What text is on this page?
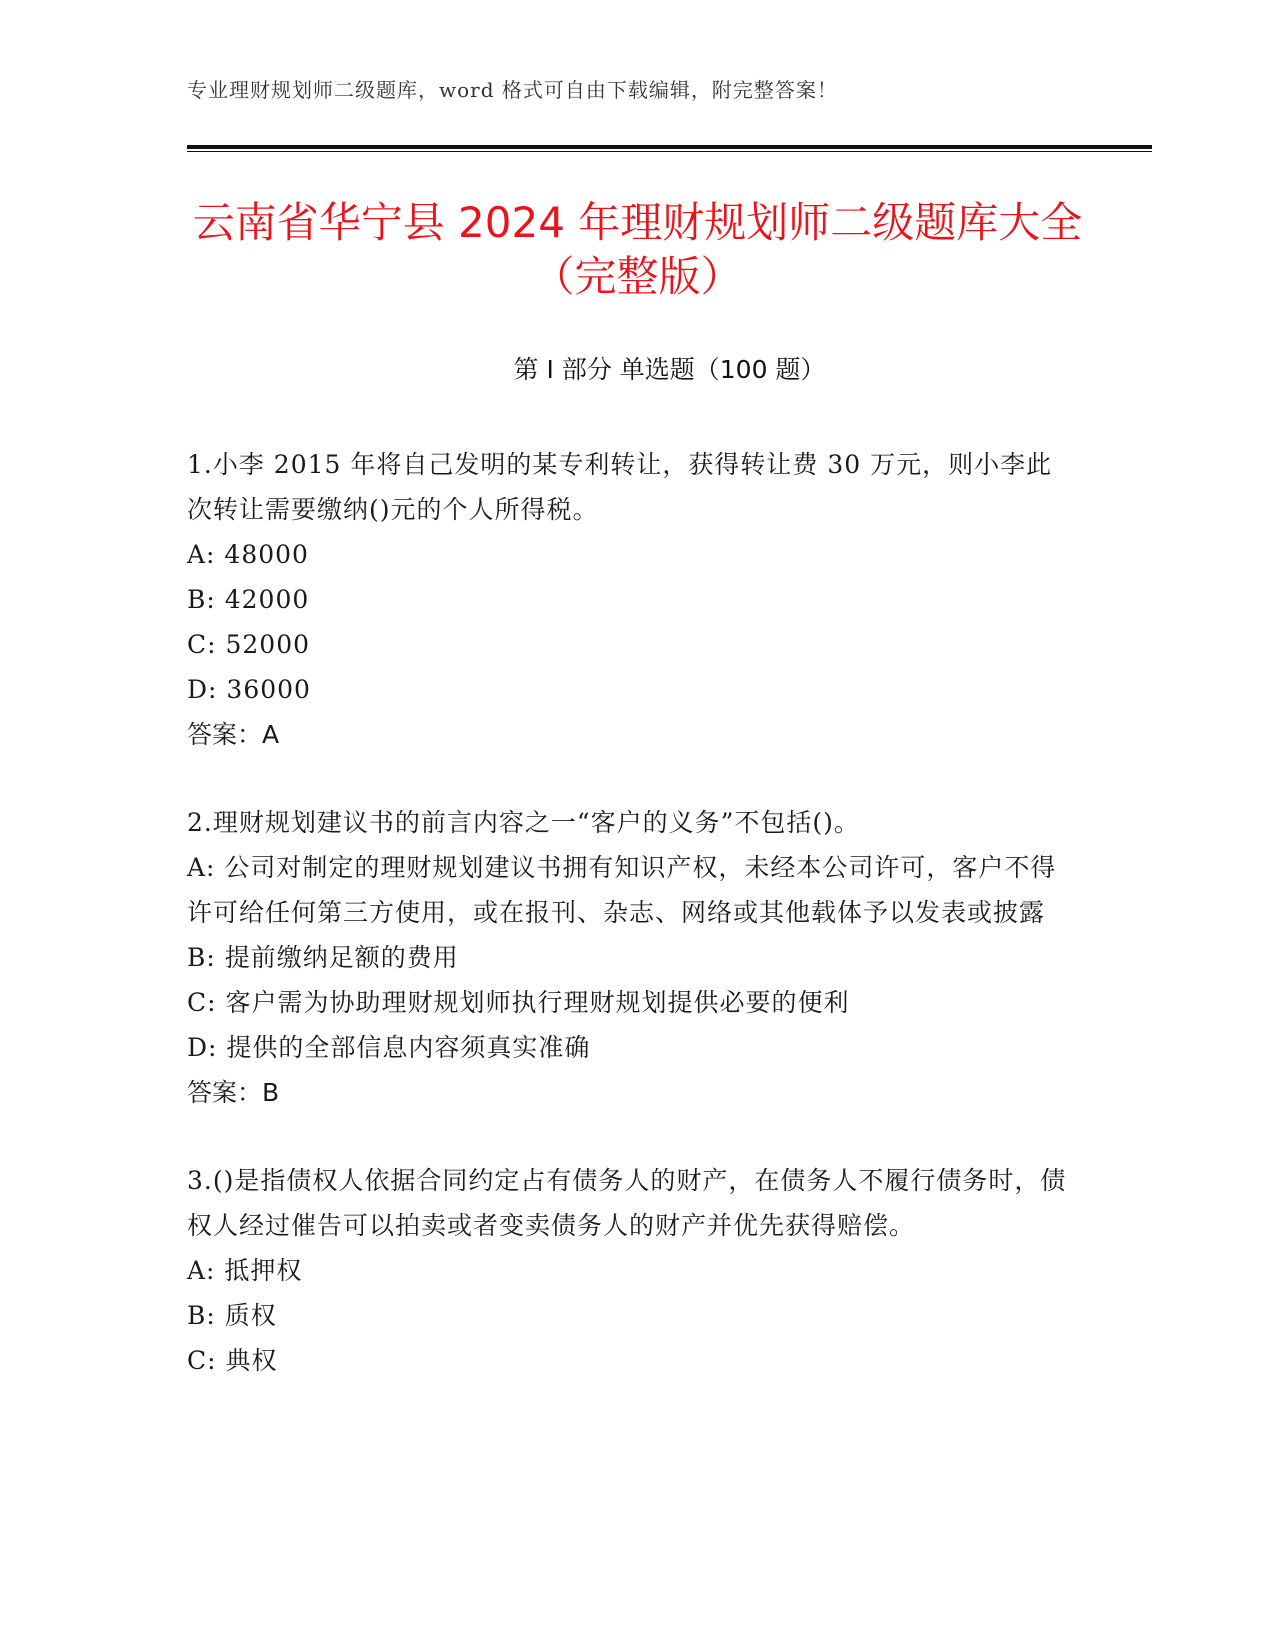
专业理财规划师二级题库，word 格式可自由下载编辑，附完整答案！
云南省华宁县 2024 年理财规划师二级题库大全（完整版）
第 I 部分 单选题（100 题）

1.小李 2015 年将自己发明的某专利转让，获得转让费 30 万元，则小李此次转让需要缴纳()元的个人所得税。

A: 48000

B: 42000

C: 52000

D: 36000

答案：A

2.理财规划建议书的前言内容之一“客户的义务”不包括()。

A: 公司对制定的理财规划建议书拥有知识产权，未经本公司许可，客户不得许可给任何第三方使用，或在报刊、杂志、网络或其他载体予以发表或披露

B: 提前缴纳足额的费用

C: 客户需为协助理财规划师执行理财规划提供必要的便利

D: 提供的全部信息内容须真实准确

答案：B

3.()是指债权人依据合同约定占有债务人的财产，在债务人不履行债务时，债权人经过催告可以拍卖或者变卖债务人的财产并优先获得赔偿。

A: 抵押权

B: 质权

C: 典权
